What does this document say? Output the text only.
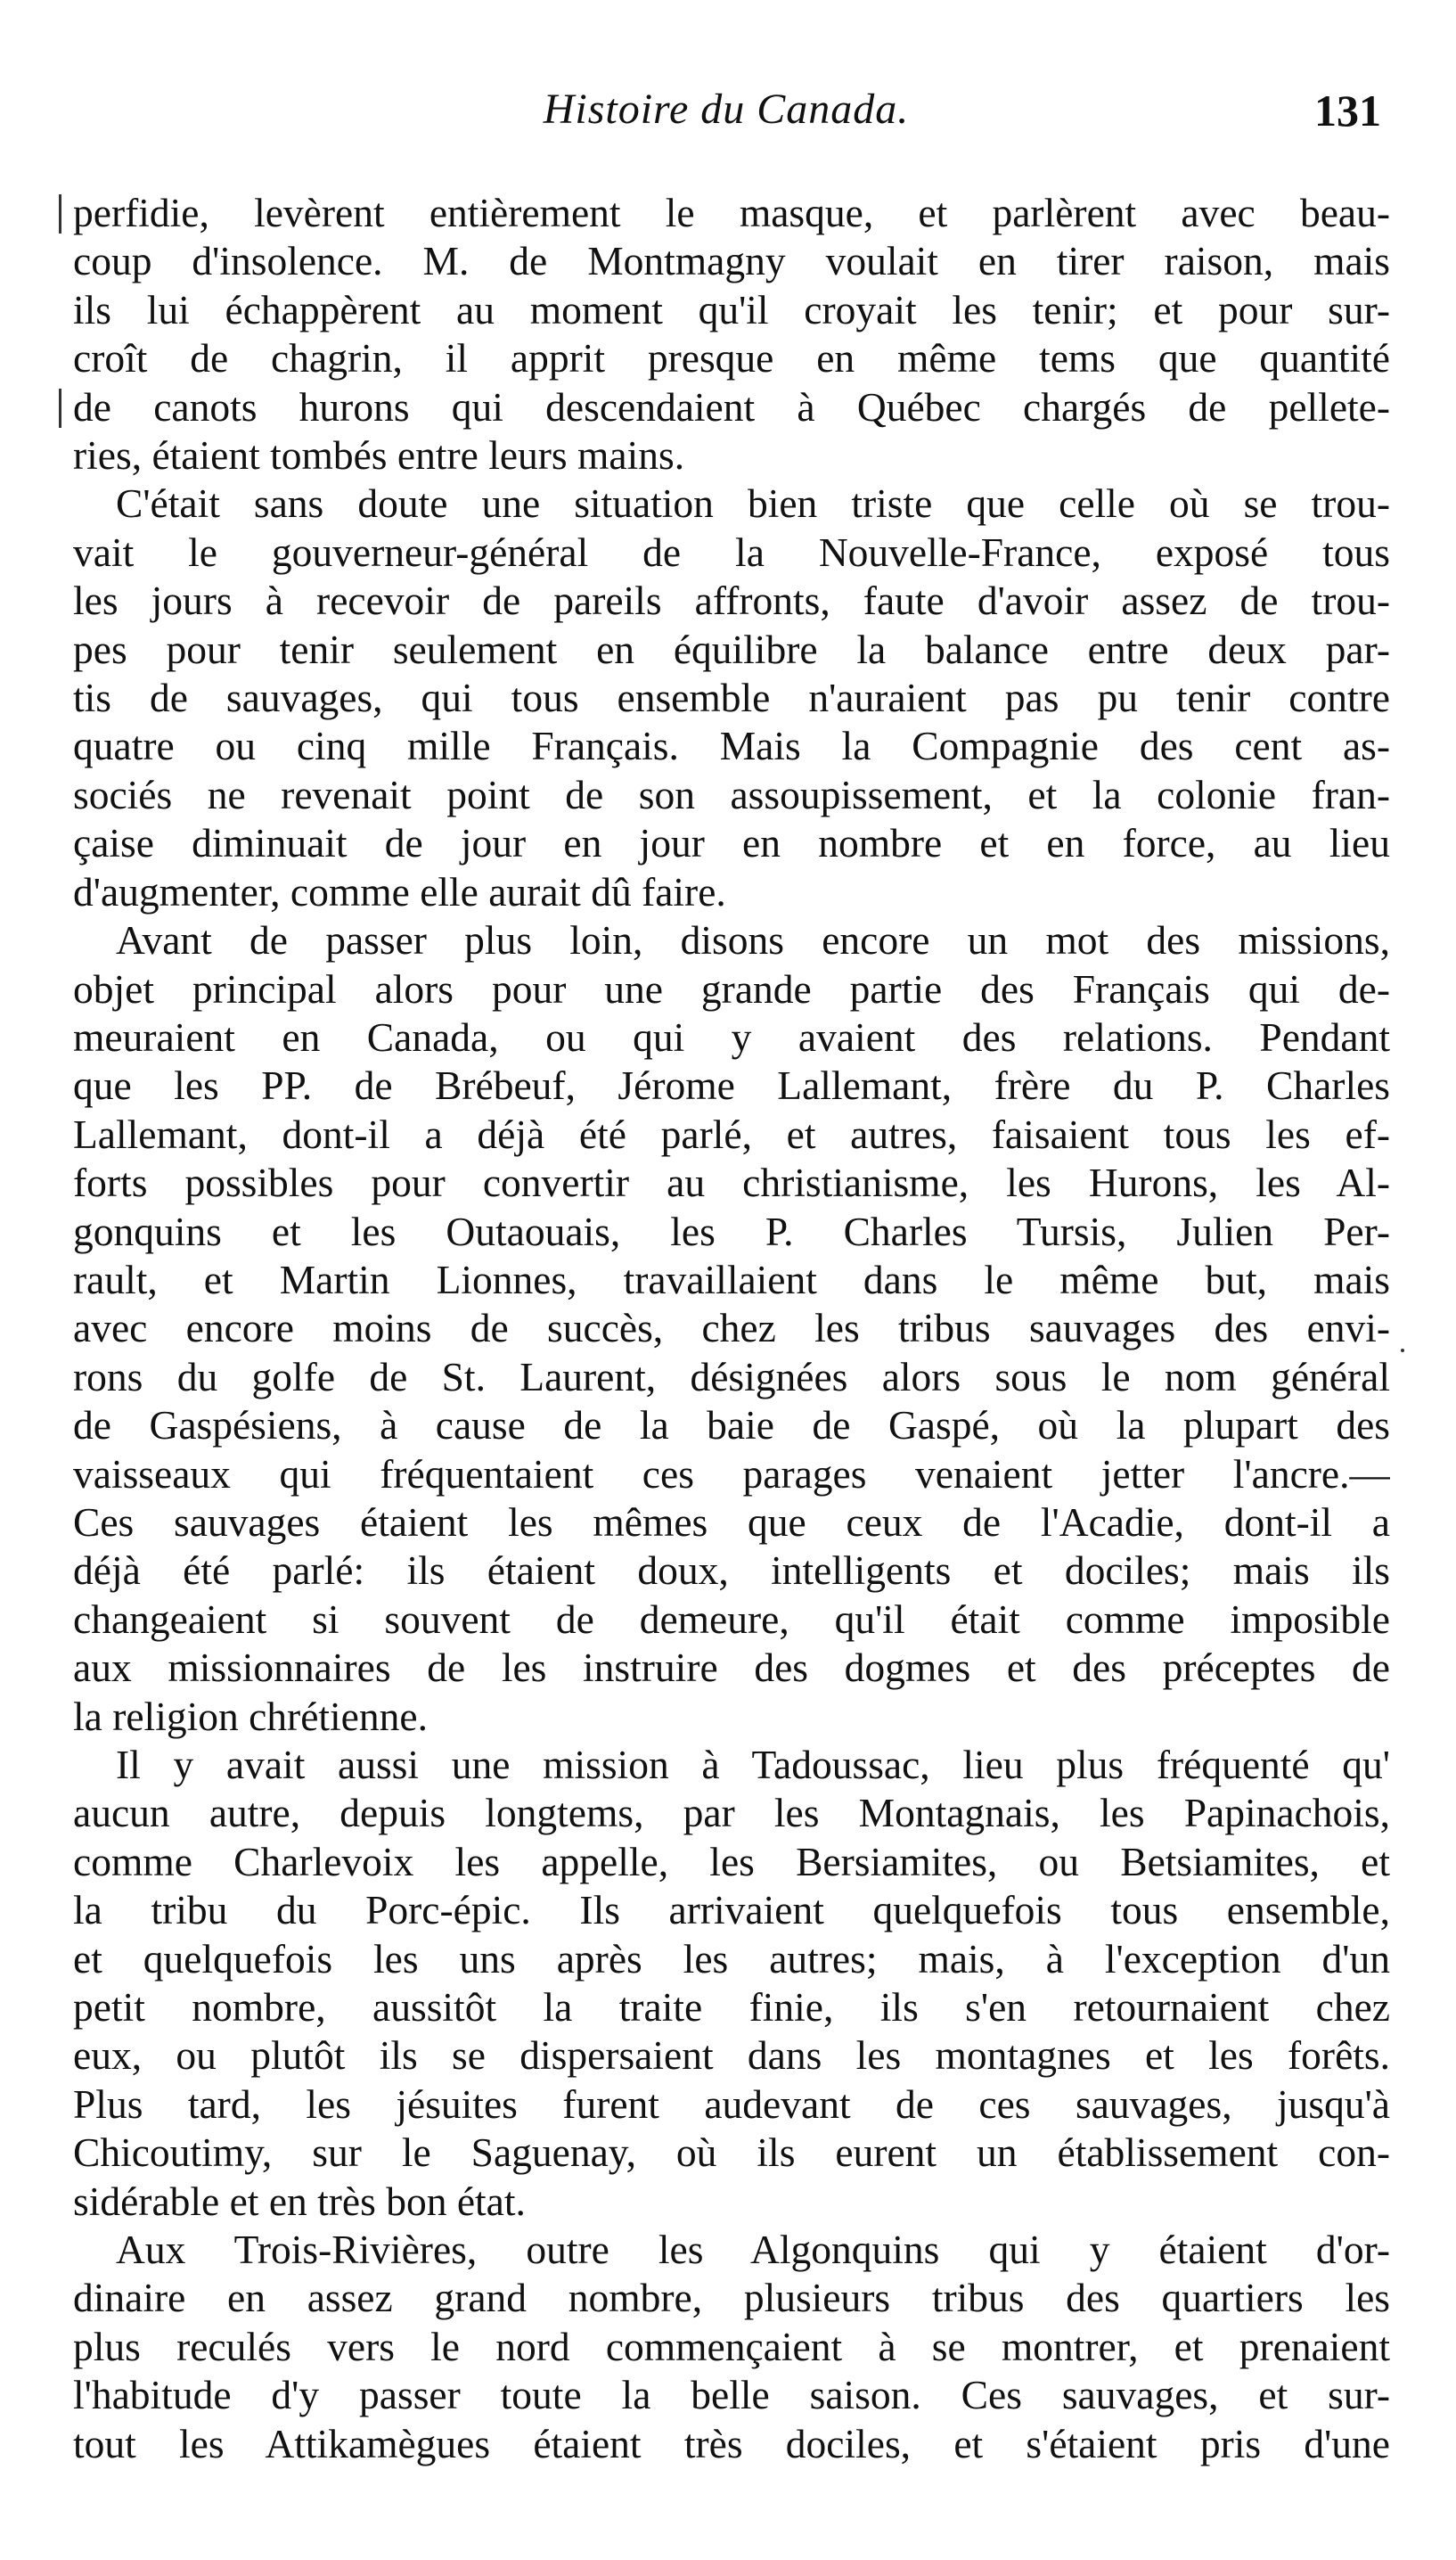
Histoire du Canada.	131
perfidie, levèrent entièrement le masque, et parlèrent avec beau-
coup d'insolence. M. de Montmagny voulait en tirer raison, mais
ils lui échappèrent au moment qu'il croyait les tenir; et pour sur-
croît de chagrin, il apprit presque en même tems que quantité
de canots hurons qui descendaient à Québec chargés de pellete-
ries, étaient tombés entre leurs mains.
C'était sans doute une situation bien triste que celle où se trou-
vait le gouverneur-général de la Nouvelle-France, exposé tous
les jours à recevoir de pareils affronts, faute d'avoir assez de trou-
pes pour tenir seulement en équilibre la balance entre deux par-
tis de sauvages, qui tous ensemble n'auraient pas pu tenir contre
quatre ou cinq mille Français. Mais la Compagnie des cent as-
sociés ne revenait point de son assoupissement, et la colonie fran-
çaise diminuait de jour en jour en nombre et en force, au lieu
d'augmenter, comme elle aurait dû faire.
Avant de passer plus loin, disons encore un mot des missions,
objet principal alors pour une grande partie des Français qui de-
meuraient en Canada, ou qui y avaient des relations. Pendant
que les PP. de Brébeuf, Jérome Lallemant, frère du P. Charles
Lallemant, dont-il a déjà été parlé, et autres, faisaient tous les ef-
forts possibles pour convertir au christianisme, les Hurons, les Al-
gonquins et les Outaouais, les P. Charles Tursis, Julien Per-
rault, et Martin Lionnes, travaillaient dans le même but, mais
avec encore moins de succès, chez les tribus sauvages des envi-
rons du golfe de St. Laurent, désignées alors sous le nom général
de Gaspésiens, à cause de la baie de Gaspé, où la plupart des
vaisseaux qui fréquentaient ces parages venaient jetter l'ancre.—
Ces sauvages étaient les mêmes que ceux de l'Acadie, dont-il a
déjà été parlé: ils étaient doux, intelligents et dociles; mais ils
changeaient si souvent de demeure, qu'il était comme imposible
aux missionnaires de les instruire des dogmes et des préceptes de
la religion chrétienne.
Il y avait aussi une mission à Tadoussac, lieu plus fréquenté qu'
aucun autre, depuis longtems, par les Montagnais, les Papinachois,
comme Charlevoix les appelle, les Bersiamites, ou Betsiamites, et
la tribu du Porc-épic. Ils arrivaient quelquefois tous ensemble,
et quelquefois les uns après les autres; mais, à l'exception d'un
petit nombre, aussitôt la traite finie, ils s'en retournaient chez
eux, ou plutôt ils se dispersaient dans les montagnes et les forêts.
Plus tard, les jésuites furent audevant de ces sauvages, jusqu'à
Chicoutimy, sur le Saguenay, où ils eurent un établissement con-
sidérable et en très bon état.
Aux Trois-Rivières, outre les Algonquins qui y étaient d'or-
dinaire en assez grand nombre, plusieurs tribus des quartiers les
plus reculés vers le nord commençaient à se montrer, et prenaient
l'habitude d'y passer toute la belle saison. Ces sauvages, et sur-
tout les Attikamègues étaient très dociles, et s'étaient pris d'une
